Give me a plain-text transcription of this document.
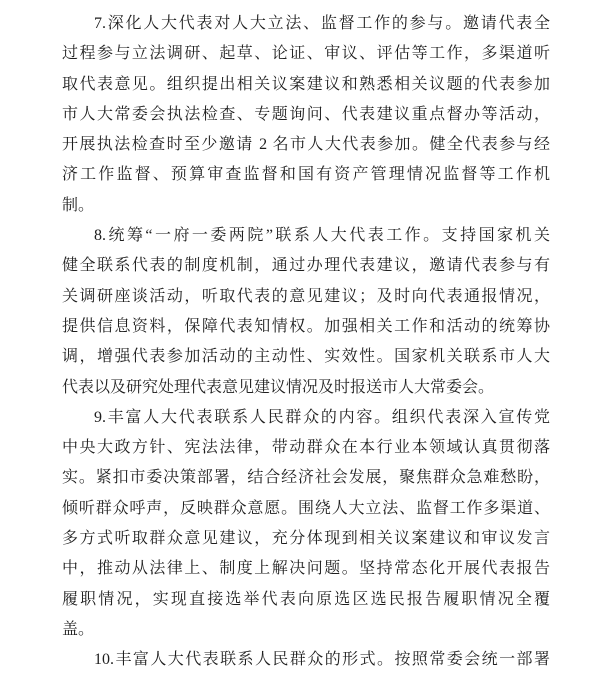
7.深化人大代表对人大立法、监督工作的参与。邀请代表全
过程参与立法调研、起草、论证、审议、评估等工作，多渠道听
取代表意见。组织提出相关议案建议和熟悉相关议题的代表参加
市人大常委会执法检查、专题询问、代表建议重点督办等活动，
开展执法检查时至少邀请 2 名市人大代表参加。健全代表参与经
济工作监督、预算审查监督和国有资产管理情况监督等工作机
制。
8.统筹“一府一委两院”联系人大代表工作。支持国家机关
健全联系代表的制度机制，通过办理代表建议，邀请代表参与有
关调研座谈活动，听取代表的意见建议；及时向代表通报情况，
提供信息资料，保障代表知情权。加强相关工作和活动的统筹协
调，增强代表参加活动的主动性、实效性。国家机关联系市人大
代表以及研究处理代表意见建议情况及时报送市人大常委会。
9.丰富人大代表联系人民群众的内容。组织代表深入宣传党
中央大政方针、宪法法律，带动群众在本行业本领域认真贯彻落
实。紧扣市委决策部署，结合经济社会发展，聚焦群众急难愁盼，
倾听群众呼声，反映群众意愿。围绕人大立法、监督工作多渠道、
多方式听取群众意见建议，充分体现到相关议案建议和审议发言
中，推动从法律上、制度上解决问题。坚持常态化开展代表报告
履职情况，实现直接选举代表向原选区选民报告履职情况全覆
盖。
10.丰富人大代表联系人民群众的形式。按照常委会统一部署
